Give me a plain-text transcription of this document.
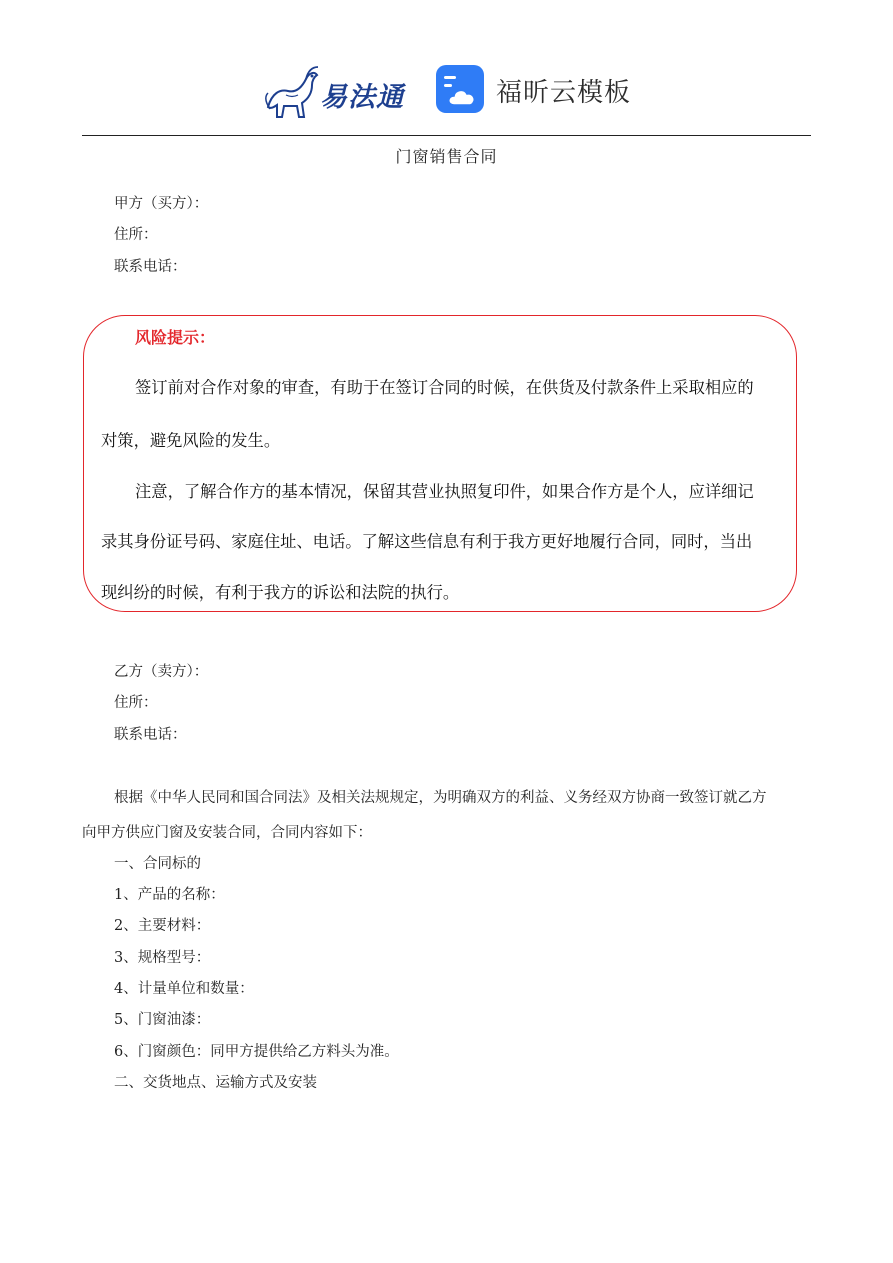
易法通	福昕云模板
门窗销售合同
甲方（买方）：
住所：
联系电话：
风险提示：
签订前对合作对象的审查，有助于在签订合同的时候，在供货及付款条件上采取相应的
对策，避免风险的发生。
注意，了解合作方的基本情况，保留其营业执照复印件，如果合作方是个人，应详细记
录其身份证号码、家庭住址、电话。了解这些信息有利于我方更好地履行合同，同时，当出
现纠纷的时候，有利于我方的诉讼和法院的执行。
乙方（卖方）：
住所：
联系电话：
根据《中华人民同和国合同法》及相关法规规定，为明确双方的利益、义务经双方协商一致签订就乙方
向甲方供应门窗及安装合同，合同内容如下：
一、合同标的
1、产品的名称：
2、主要材料：
3、规格型号：
4、计量单位和数量：
5、门窗油漆：
6、门窗颜色：同甲方提供给乙方料头为准。
二、交货地点、运输方式及安装
